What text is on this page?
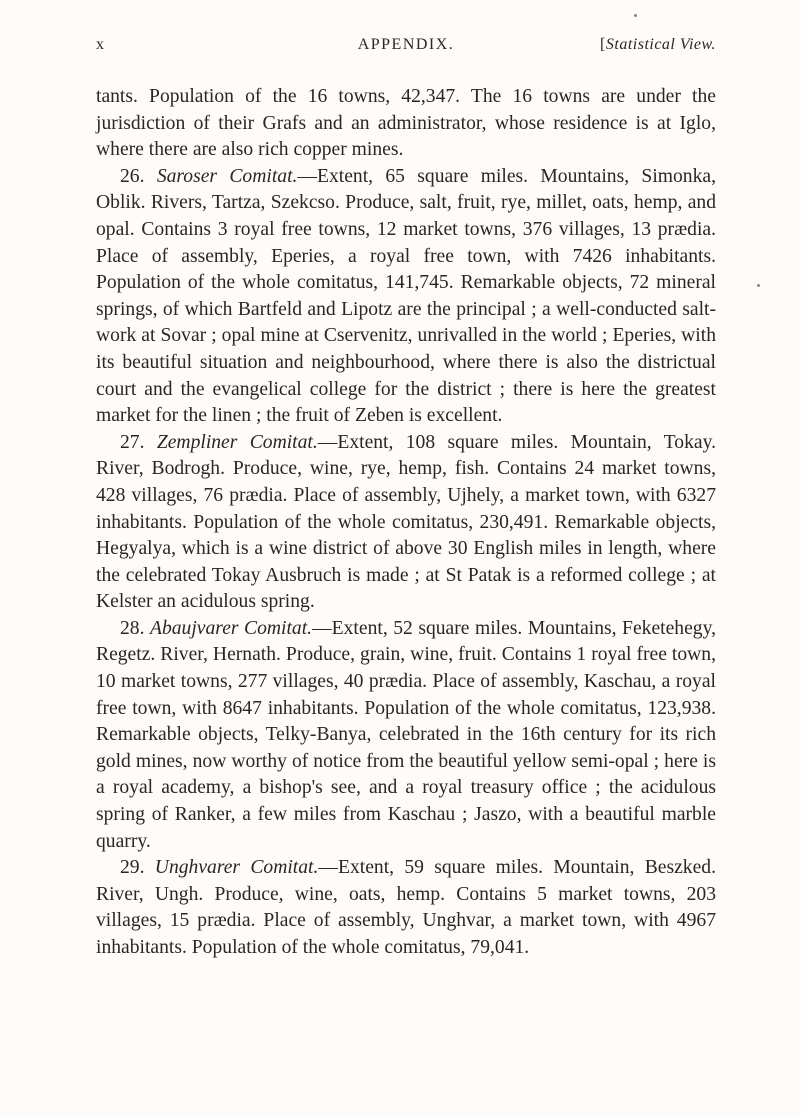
x	APPENDIX.	[Statistical View.

tants. Population of the 16 towns, 42,347. The 16 towns are under the jurisdiction of their Grafs and an administrator, whose residence is at Iglo, where there are also rich copper mines.

26. Saroser Comitat.—Extent, 65 square miles. Mountains, Simonka, Oblik. Rivers, Tartza, Szekcso. Produce, salt, fruit, rye, millet, oats, hemp, and opal. Contains 3 royal free towns, 12 market towns, 376 villages, 13 prædia. Place of assembly, Eperies, a royal free town, with 7426 inhabitants. Population of the whole comitatus, 141,745. Remarkable objects, 72 mineral springs, of which Bartfeld and Lipotz are the principal ; a well-conducted salt-work at Sovar ; opal mine at Cservenitz, unrivalled in the world ; Eperies, with its beautiful situation and neighbourhood, where there is also the districtual court and the evangelical college for the district ; there is here the greatest market for the linen ; the fruit of Zeben is excellent.

27. Zempliner Comitat.—Extent, 108 square miles. Mountain, Tokay. River, Bodrogh. Produce, wine, rye, hemp, fish. Contains 24 market towns, 428 villages, 76 prædia. Place of assembly, Ujhely, a market town, with 6327 inhabitants. Population of the whole comitatus, 230,491. Remarkable objects, Hegyalya, which is a wine district of above 30 English miles in length, where the celebrated Tokay Ausbruch is made ; at St Patak is a reformed college ; at Kelster an acidulous spring.

28. Abaujvarer Comitat.—Extent, 52 square miles. Mountains, Feketehegy, Regetz. River, Hernath. Produce, grain, wine, fruit. Contains 1 royal free town, 10 market towns, 277 villages, 40 prædia. Place of assembly, Kaschau, a royal free town, with 8647 inhabitants. Population of the whole comitatus, 123,938. Remarkable objects, Telky-Banya, celebrated in the 16th century for its rich gold mines, now worthy of notice from the beautiful yellow semi-opal ; here is a royal academy, a bishop's see, and a royal treasury office ; the acidulous spring of Ranker, a few miles from Kaschau ; Jaszo, with a beautiful marble quarry.

29. Unghvarer Comitat.—Extent, 59 square miles. Mountain, Beszked. River, Ungh. Produce, wine, oats, hemp. Contains 5 market towns, 203 villages, 15 prædia. Place of assembly, Unghvar, a market town, with 4967 inhabitants. Population of the whole comitatus, 79,041.
